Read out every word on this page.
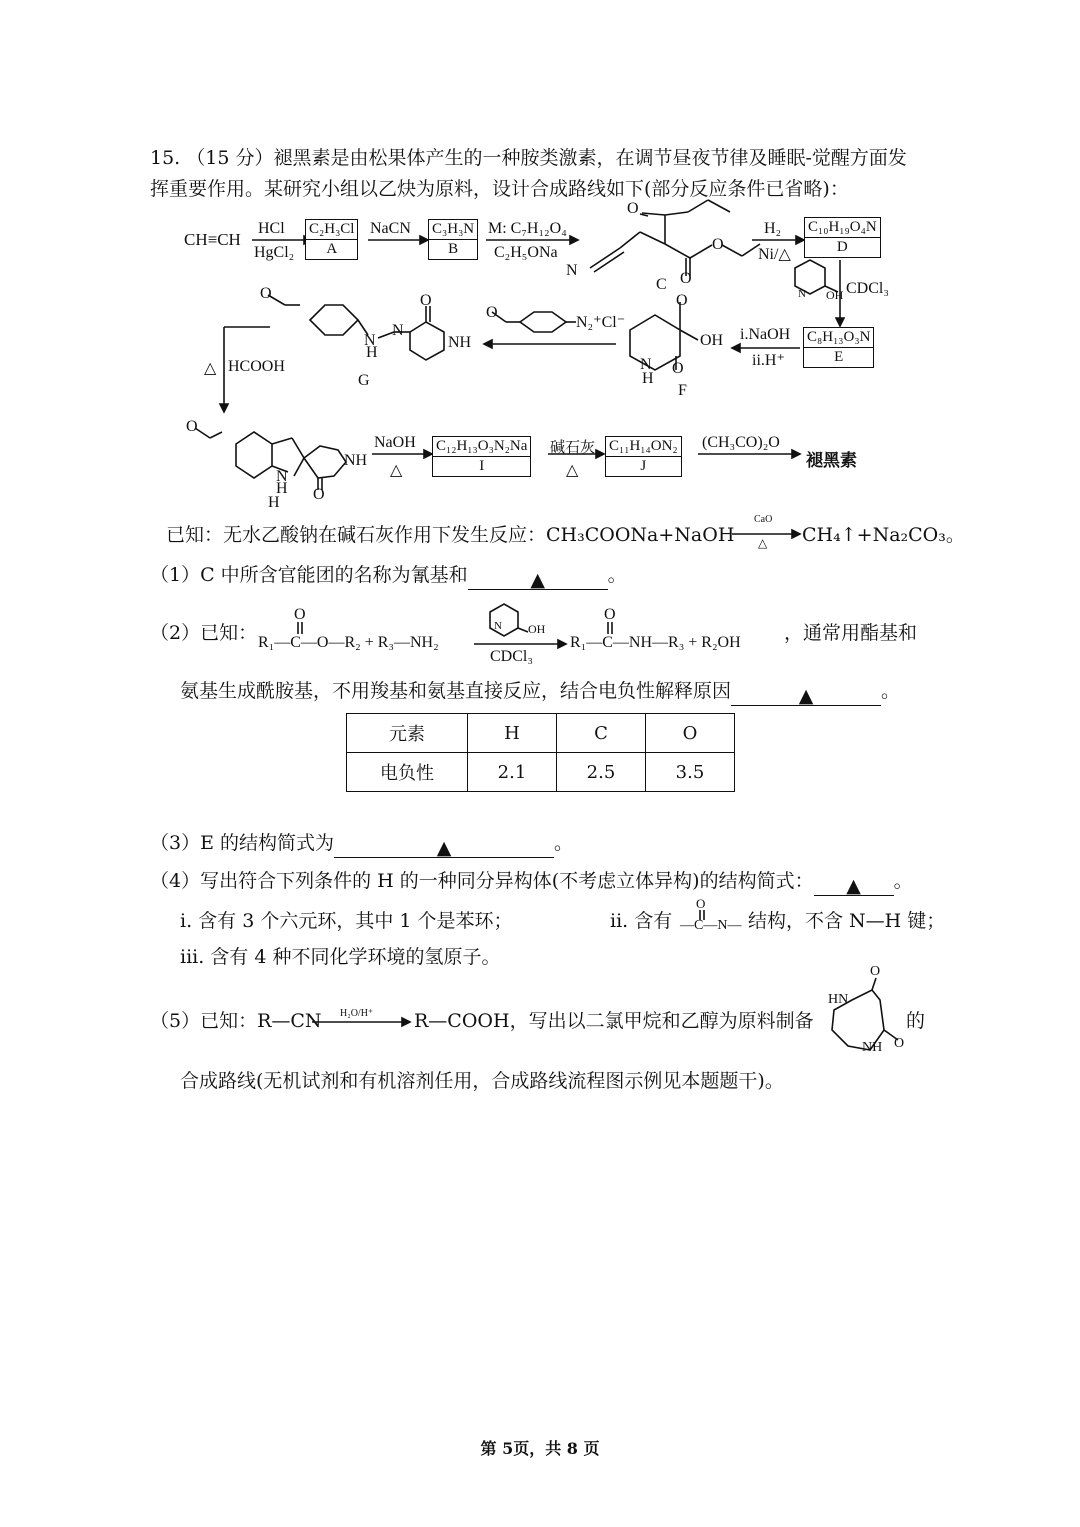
15. （15 分）褪黑素是由松果体产生的一种胺类激素，在调节昼夜节律及睡眠-觉醒方面发
挥重要作用。某研究小组以乙炔为原料，设计合成路线如下(部分反应条件已省略)：
CH≡CH
HCl
HgCl₂
C₂H₃Cl
A
NaCN C₃H₃N
B
M: C₇H₁₂O₄
C₂H₅ONa
O
O
O
N
C
H₂
Ni/△
C₁₀H₁₉O₄N
D
CDCl₃
N OH
C₈H₁₃O₃N
E
i.NaOH
ii.H⁺
O
OH
N
H
O
F
O
N₂⁺Cl⁻
O
N
H
N
O
NH
G
△ HCOOH
O
N
H
NH
O
H
NaOH
△
C₁₂H₁₃O₃N₂Na
I
碱石灰
△
C₁₁H₁₄ON₂
J
(CH₃CO)₂O
褪黑素
已知：无水乙酸钠在碱石灰作用下发生反应：CH₃COONa+NaOH
CaO
△ CH₄↑+Na₂CO₃。
（1）C 中所含官能团的名称为氰基和	▲	。
（2）已知： R₁—C—O—R₂ + R₃—NH₂
O
N OH
CDCl₃
R₁—C—NH—R₃ + R₂OH
O
，通常用酯基和
氨基生成酰胺基，不用羧基和氨基直接反应，结合电负性解释原因	▲	。
元素	H	C	O
电负性	2.1	2.5	3.5
（3）E 的结构简式为	▲	。
（4）写出符合下列条件的 H 的一种同分异构体(不考虑立体异构)的结构简式： ▲ 。
i. 含有 3 个六元环，其中 1 个是苯环；	ii. 含有
O
—C—N— 结构，不含 N—H 键；
iii. 含有 4 种不同化学环境的氢原子。
（5）已知：R—CN H₂O/H⁺ R—COOH，写出以二氯甲烷和乙醇为原料制备
HN
O
NH O
的
合成路线(无机试剂和有机溶剂任用，合成路线流程图示例见本题题干)。
第 5页，共 8 页
